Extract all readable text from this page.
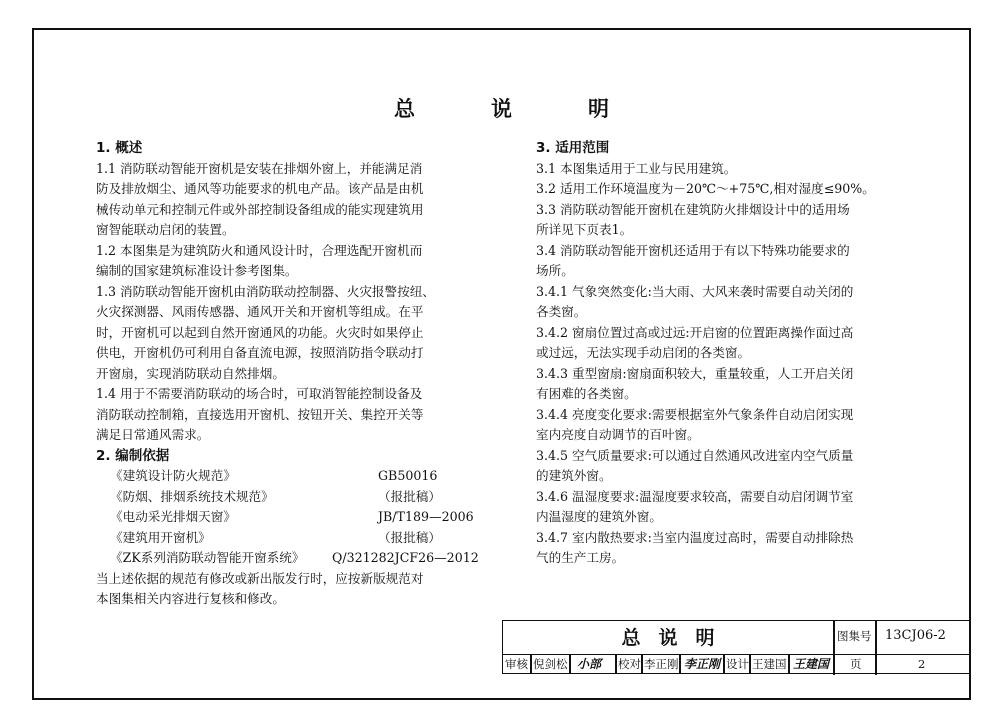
总	说	明
1. 概述

1.1 消防联动智能开窗机是安装在排烟外窗上，并能满足消

防及排放烟尘、通风等功能要求的机电产品。该产品是由机

械传动单元和控制元件或外部控制设备组成的能实现建筑用

窗智能联动启闭的装置。

1.2 本图集是为建筑防火和通风设计时，合理选配开窗机而

编制的国家建筑标准设计参考图集。

1.3 消防联动智能开窗机由消防联动控制器、火灾报警按纽、

火灾探测器、风雨传感器、通风开关和开窗机等组成。在平

时，开窗机可以起到自然开窗通风的功能。火灾时如果停止

供电，开窗机仍可利用自备直流电源，按照消防指令联动打

开窗扇，实现消防联动自然排烟。

1.4 用于不需要消防联动的场合时，可取消智能控制设备及

消防联动控制箱，直接选用开窗机、按钮开关、集控开关等

满足日常通风需求。

2. 编制依据
《建筑设计防火规范》	GB50016
《防烟、排烟系统技术规范》	（报批稿）
《电动采光排烟天窗》	JB/T189—2006
《建筑用开窗机》	（报批稿）
《ZK系列消防联动智能开窗系统》	Q/321282JCF26—2012

当上述依据的规范有修改或新出版发行时，应按新版规范对

本图集相关内容进行复核和修改。

3. 适用范围

3.1 本图集适用于工业与民用建筑。

3.2 适用工作环境温度为－20℃～+75℃,相对湿度≤90%。

3.3 消防联动智能开窗机在建筑防火排烟设计中的适用场

所详见下页表1。

3.4 消防联动智能开窗机还适用于有以下特殊功能要求的

场所。

3.4.1 气象突然变化:当大雨、大风来袭时需要自动关闭的

各类窗。

3.4.2 窗扇位置过高或过远:开启窗的位置距离操作面过高

或过远，无法实现手动启闭的各类窗。

3.4.3 重型窗扇:窗扇面积较大，重量较重，人工开启关闭

有困难的各类窗。

3.4.4 亮度变化要求:需要根据室外气象条件自动启闭实现

室内亮度自动调节的百叶窗。

3.4.5 空气质量要求:可以通过自然通风改进室内空气质量

的建筑外窗。

3.4.6 温湿度要求:温湿度要求较高，需要自动启闭调节室

内温湿度的建筑外窗。

3.4.7 室内散热要求:当室内温度过高时，需要自动排除热

气的生产工房。

总 说 明	图集号 13CJ06-2
审核 倪剑松 小部 校对 李正刚 李正刚 设计 王建国 王建国 页	2
